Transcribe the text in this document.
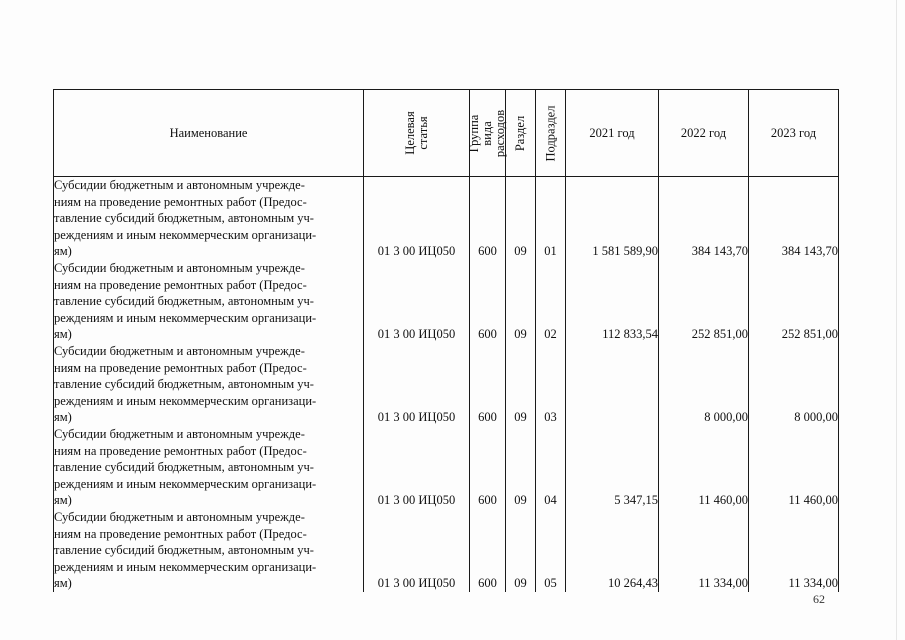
Наименование	Целевая статья	Группа вида расходов	Раздел	Подраздел	2021 год	2022 год	2023 год

Субсидии бюджетным и автономным учрежде-
ниям на проведение ремонтных работ (Предос-
тавление субсидий бюджетным, автономным уч-
реждениям и иным некоммерческим организаци-
ям)	01 3 00 ИЦ050	600	09	01	1 581 589,90	384 143,70	384 143,70

Субсидии бюджетным и автономным учрежде-
ниям на проведение ремонтных работ (Предос-
тавление субсидий бюджетным, автономным уч-
реждениям и иным некоммерческим организаци-
ям)	01 3 00 ИЦ050	600	09	02	112 833,54	252 851,00	252 851,00

Субсидии бюджетным и автономным учрежде-
ниям на проведение ремонтных работ (Предос-
тавление субсидий бюджетным, автономным уч-
реждениям и иным некоммерческим организаци-
ям)	01 3 00 ИЦ050	600	09	03		8 000,00	8 000,00

Субсидии бюджетным и автономным учрежде-
ниям на проведение ремонтных работ (Предос-
тавление субсидий бюджетным, автономным уч-
реждениям и иным некоммерческим организаци-
ям)	01 3 00 ИЦ050	600	09	04	5 347,15	11 460,00	11 460,00

Субсидии бюджетным и автономным учрежде-
ниям на проведение ремонтных работ (Предос-
тавление субсидий бюджетным, автономным уч-
реждениям и иным некоммерческим организаци-
ям)	01 3 00 ИЦ050	600	09	05	10 264,43	11 334,00	11 334,00
62
